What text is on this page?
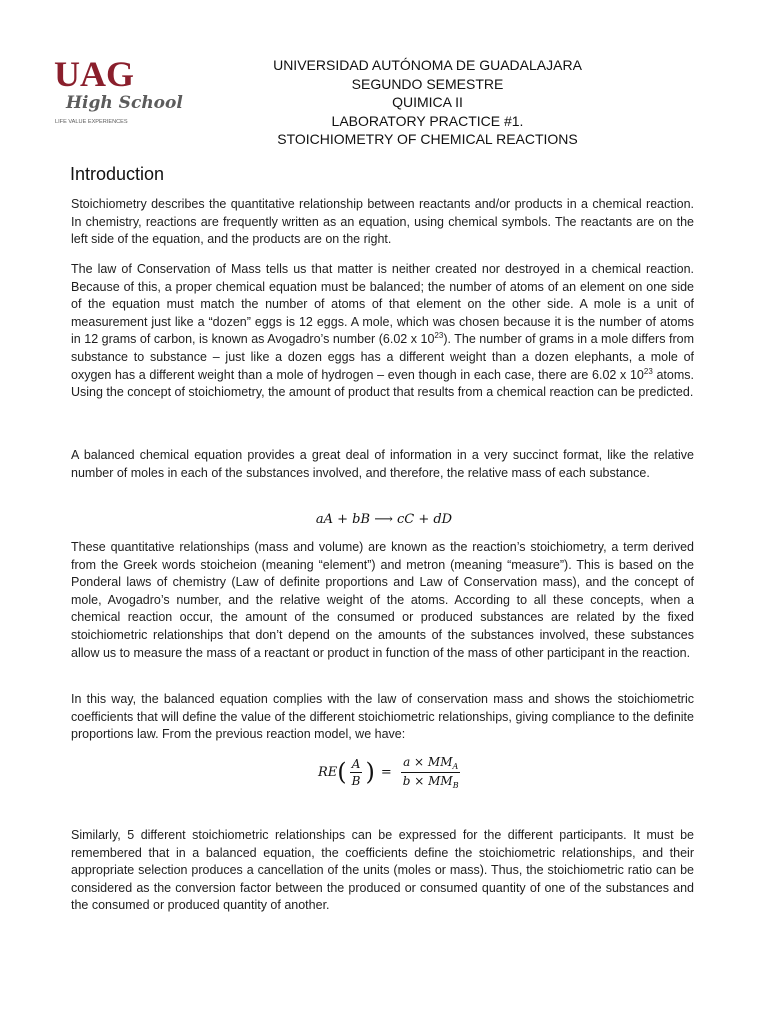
UAG
High School
LIFE VALUE EXPERIENCES
UNIVERSIDAD AUTÓNOMA DE GUADALAJARA
SEGUNDO SEMESTRE
QUIMICA II
LABORATORY PRACTICE #1.
STOICHIOMETRY OF CHEMICAL REACTIONS
Introduction

Stoichiometry describes the quantitative relationship between reactants and/or products in a chemical reaction. In chemistry, reactions are frequently written as an equation, using chemical symbols. The reactants are on the left side of the equation, and the products are on the right.

The law of Conservation of Mass tells us that matter is neither created nor destroyed in a chemical reaction. Because of this, a proper chemical equation must be balanced; the number of atoms of an element on one side of the equation must match the number of atoms of that element on the other side. A mole is a unit of measurement just like a “dozen” eggs is 12 eggs. A mole, which was chosen because it is the number of atoms in 12 grams of carbon, is known as Avogadro’s number (6.02 x $10^{23}$). The number of grams in a mole differs from substance to substance – just like a dozen eggs has a different weight than a dozen elephants, a mole of oxygen has a different weight than a mole of hydrogen – even though in each case, there are 6.02 x $10^{23}$ atoms. Using the concept of stoichiometry, the amount of product that results from a chemical reaction can be predicted.

A balanced chemical equation provides a great deal of information in a very succinct format, like the relative number of moles in each of the substances involved, and therefore, the relative mass of each substance.

aA + bB ⟶ cC + dD

These quantitative relationships (mass and volume) are known as the reaction’s stoichiometry, a term derived from the Greek words stoicheion (meaning “element”) and metron (meaning “measure”). This is based on the Ponderal laws of chemistry (Law of definite proportions and Law of Conservation mass), and the concept of mole, Avogadro’s number, and the relative weight of the atoms. According to all these concepts, when a chemical reaction occur, the amount of the consumed or produced substances are related by the fixed stoichiometric relationships that don’t depend on the amounts of the substances involved, these substances allow us to measure the mass of a reactant or product in function of the mass of other participant in the reaction.

In this way, the balanced equation complies with the law of conservation mass and shows the stoichiometric coefficients that will define the value of the different stoichiometric relationships, giving compliance to the definite proportions law. From the previous reaction model, we have:

RE ( $\frac{A}{B}$ ) = $\frac{a \times MM_A}{b \times MM_B}$

Similarly, 5 different stoichiometric relationships can be expressed for the different participants. It must be remembered that in a balanced equation, the coefficients define the stoichiometric relationships, and their appropriate selection produces a cancellation of the units (moles or mass). Thus, the stoichiometric ratio can be considered as the conversion factor between the produced or consumed quantity of one of the substances and the consumed or produced quantity of another.
